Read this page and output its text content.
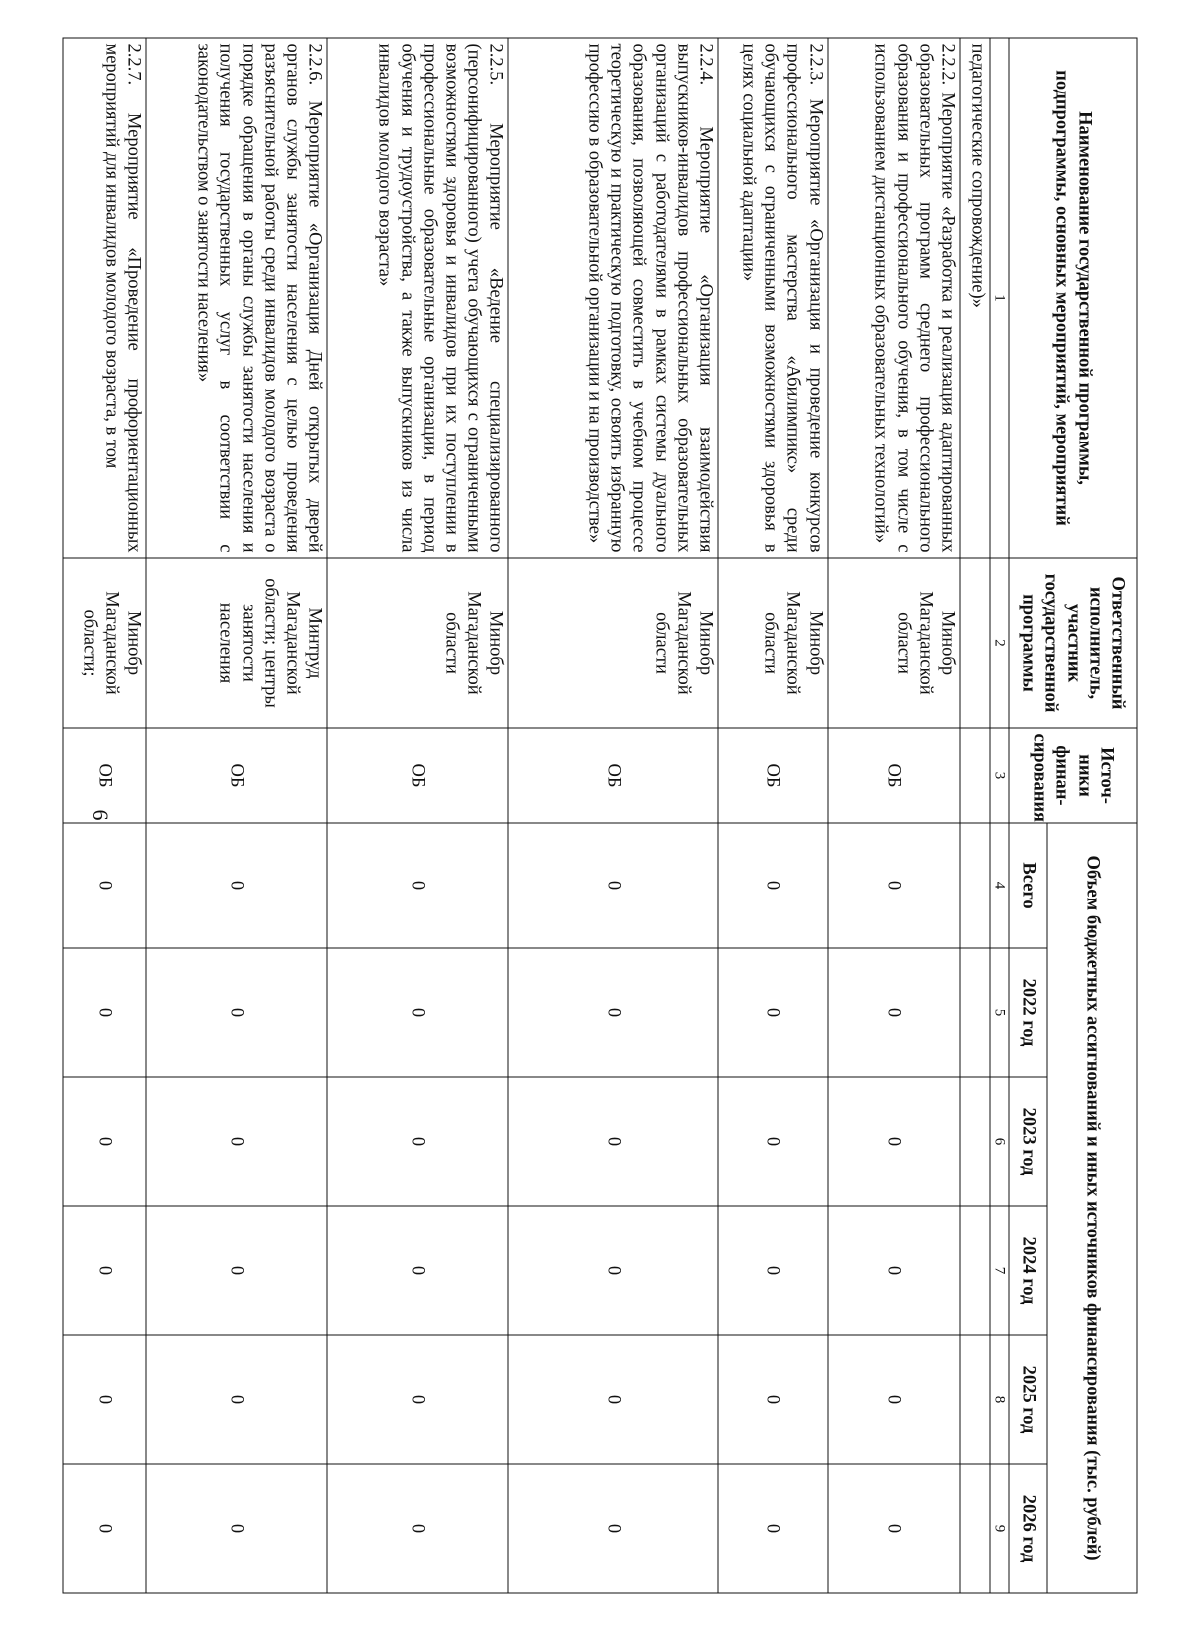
6
Наименование государственной программы, подпрограммы, основных мероприятий, мероприятий	Ответственный исполнитель, участник государственной программы	Источ-ники финан-сирования	Объем бюджетных ассигнований и иных источников финансирования (тыс. рублей)					
			Всего	2022 год	2023 год	2024 год	2025 год	2026 год
1	2	3	4	5	6	7	8	9
педагогические сопровождение)»								
2.2.2. Мероприятие «Разработка и реализация адаптированных образовательных программ среднего профессионального образования и профессионального обучения, в том числе с использованием дистанционных образовательных технологий»	Минобр Магаданской области	ОБ	0	0	0	0	0	0
2.2.3. Мероприятие «Организация и проведение конкурсов профессионального мастерства «Абилимпикс» среди обучающихся с ограниченными возможностями здоровья в целях социальной адаптации»	Минобр Магаданской области	ОБ	0	0	0	0	0	0
2.2.4. Мероприятие «Организация взаимодействия выпускников-инвалидов профессиональных образовательных организаций с работодателями в рамках системы дуального образования, позволяющей совместить в учебном процессе теоретическую и практическую подготовку, освоить избранную профессию в образовательной организации и на производстве»	Минобр Магаданской области	ОБ	0	0	0	0	0	0
2.2.5. Мероприятие «Ведение специализированного (персонифицированного) учета обучающихся с ограниченными возможностями здоровья и инвалидов при их поступлении в профессиональные образовательные организации, в период обучения и трудоустройства, а также выпускников из числа инвалидов молодого возраста»	Минобр Магаданской области	ОБ	0	0	0	0	0	0
2.2.6. Мероприятие «Организация Дней открытых дверей органов службы занятости населения с целью проведения разъяснительной работы среди инвалидов молодого возраста о порядке обращения в органы службы занятости населения и получения государственных услуг в соответствии с законодательством о занятости населения»	Минтруд Магаданской области; центры занятости населения	ОБ	0	0	0	0	0	0
2.2.7. Мероприятие «Проведение профориентационных мероприятий для инвалидов молодого возраста, в том	Минобр Магаданской области;	ОБ	0	0	0	0	0	0
